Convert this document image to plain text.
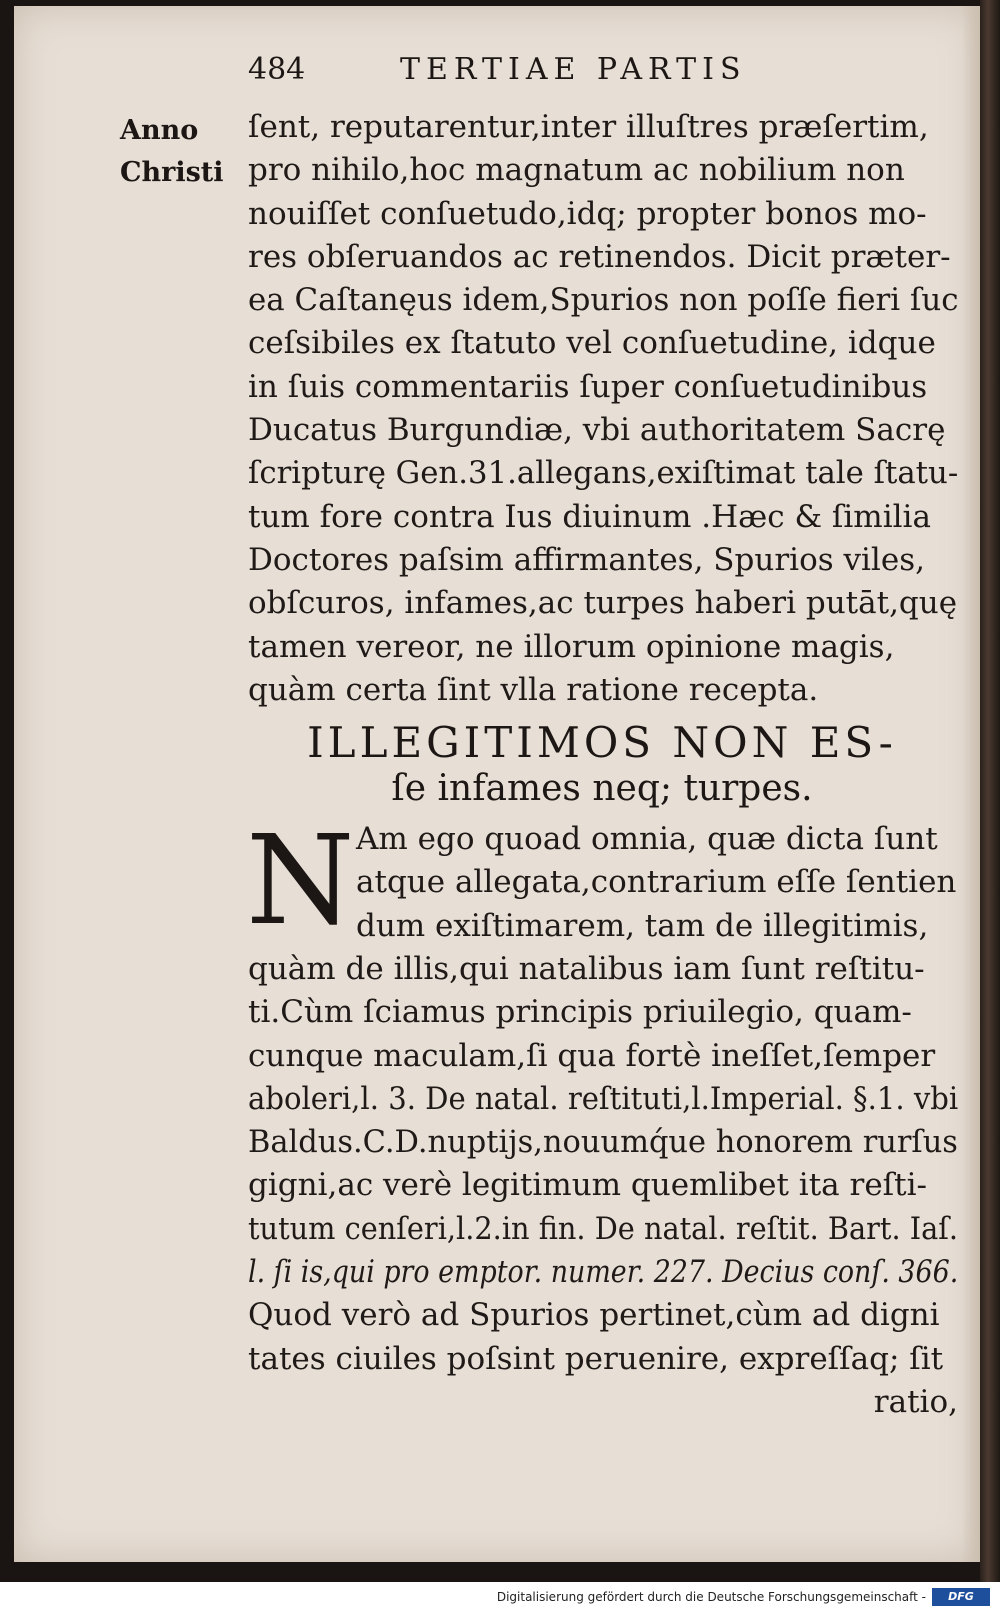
484	TERTIAE PARTIS
Anno
Christi
ſent, reputarentur,inter illuſtres præſertim,
pro nihilo,hoc magnatum ac nobilium non
nouiſſet conſuetudo,idq; propter bonos mo-
res obſeruandos ac retinendos. Dicit præter-
ea Caſtanęus idem,Spurios non poſſe fieri ſuc
ceſsibiles ex ſtatuto vel conſuetudine, idque
in ſuis commentariis ſuper conſuetudinibus
Ducatus Burgundiæ, vbi authoritatem Sacrę
ſcripturę Gen.31.allegans,exiſtimat tale ſtatu-
tum fore contra Ius diuinum .Hæc & ſimilia
Doctores paſsim affirmantes, Spurios viles,
obſcuros, infames,ac turpes haberi putāt,quę
tamen vereor, ne illorum opinione magis,
quàm certa ſint vlla ratione recepta.
ILLEGITIMOS NON ES-
ſe infames neq; turpes.
N Am ego quoad omnia, quæ dicta ſunt
atque allegata,contrarium eſſe ſentien
dum exiſtimarem, tam de illegitimis,
quàm de illis,qui natalibus iam ſunt reſtitu-
ti.Cùm ſciamus principis priuilegio, quam-
cunque maculam,ſi qua fortè ineſſet,ſemper
aboleri,l. 3. De natal. reſtituti,l.Imperial. §.1. vbi
Baldus.C.D.nuptijs,nouumq́ue honorem rurſus
gigni,ac verè legitimum quemlibet ita reſti-
tutum cenſeri,l.2.in fin. De natal. reſtit. Bart. Iaſ.
l. ſi is,qui pro emptor. numer. 227. Decius conſ. 366.
Quod verò ad Spurios pertinet,cùm ad digni
tates ciuiles poſsint peruenire, expreſſaq; ſit
ratio,
Digitalisierung gefördert durch die Deutsche Forschungsgemeinschaft -	DFG
